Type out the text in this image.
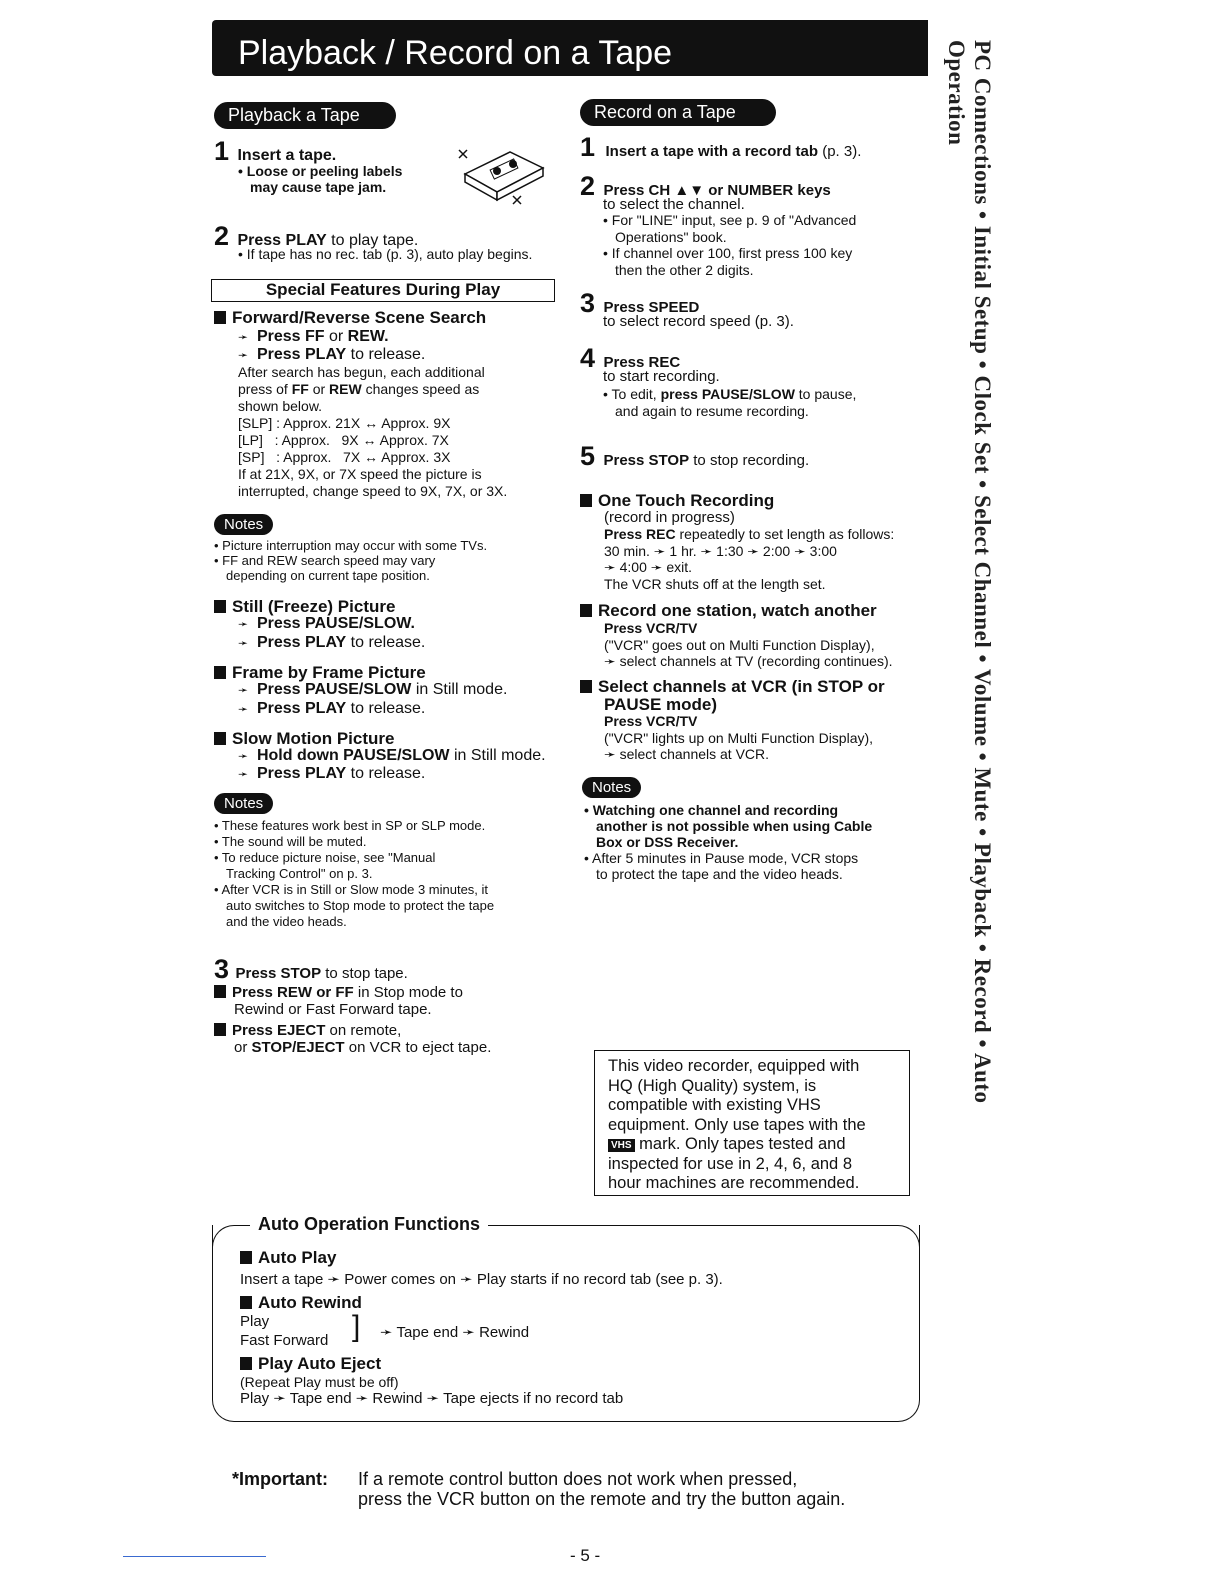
Playback / Record on a Tape	PC Connections • Initial Setup • Clock Set • Select Channel • Volume • Mute • Playback • Record • Auto Operation
Playback a Tape
1 Insert a tape.
• Loose or peeling labels
may cause tape jam.
2 Press PLAY to play tape.
• If tape has no rec. tab (p. 3), auto play begins.
Special Features During Play
Forward/Reverse Scene Search
➛ Press FF or REW.
➛ Press PLAY to release.
After search has begun, each additional
press of FF or REW changes speed as
shown below.
[SLP] : Approx. 21X ↔ Approx. 9X
[LP]   : Approx.   9X ↔ Approx. 7X
[SP]   : Approx.   7X ↔ Approx. 3X
If at 21X, 9X, or 7X speed the picture is
interrupted, change speed to 9X, 7X, or 3X.
Notes
• Picture interruption may occur with some TVs.
• FF and REW search speed may vary
depending on current tape position.
Still (Freeze) Picture
➛ Press PAUSE/SLOW.
➛ Press PLAY to release.
Frame by Frame Picture
➛ Press PAUSE/SLOW in Still mode.
➛ Press PLAY to release.
Slow Motion Picture
➛ Hold down PAUSE/SLOW in Still mode.
➛ Press PLAY to release.
Notes
• These features work best in SP or SLP mode.
• The sound will be muted.
• To reduce picture noise, see "Manual
Tracking Control" on p. 3.
• After VCR is in Still or Slow mode 3 minutes, it
auto switches to Stop mode to protect the tape
and the video heads.
3 Press STOP to stop tape.
Press REW or FF in Stop mode to
Rewind or Fast Forward tape.
Press EJECT on remote,
or STOP/EJECT on VCR to eject tape.
Record on a Tape
1 Insert a tape with a record tab (p. 3).
2 Press CH ▲▼ or NUMBER keys
to select the channel.
• For "LINE" input, see p. 9 of "Advanced
Operations" book.
• If channel over 100, first press 100 key
then the other 2 digits.
3 Press SPEED
to select record speed (p. 3).
4 Press REC
to start recording.
• To edit, press PAUSE/SLOW to pause,
and again to resume recording.
5 Press STOP to stop recording.
One Touch Recording
(record in progress)
Press REC repeatedly to set length as follows:
30 min. ➛ 1 hr. ➛ 1:30 ➛ 2:00 ➛ 3:00
➛ 4:00 ➛ exit.
The VCR shuts off at the length set.
Record one station, watch another
Press VCR/TV
("VCR" goes out on Multi Function Display),
➛ select channels at TV (recording continues).
Select channels at VCR (in STOP or
PAUSE mode)
Press VCR/TV
("VCR" lights up on Multi Function Display),
➛ select channels at VCR.
Notes
• Watching one channel and recording
another is not possible when using Cable
Box or DSS Receiver.
• After 5 minutes in Pause mode, VCR stops
to protect the tape and the video heads.
This video recorder, equipped with
HQ (High Quality) system, is
compatible with existing VHS
equipment. Only use tapes with the
VHS mark. Only tapes tested and
inspected for use in 2, 4, 6, and 8
hour machines are recommended.
Auto Operation Functions
Auto Play
Insert a tape ➛ Power comes on ➛ Play starts if no record tab (see p. 3).
Auto Rewind
Play
Fast Forward ] ➛ Tape end ➛ Rewind
Play Auto Eject
(Repeat Play must be off)
Play ➛ Tape end ➛ Rewind ➛ Tape ejects if no record tab
*Important: If a remote control button does not work when pressed,
press the VCR button on the remote and try the button again.
- 5 -
